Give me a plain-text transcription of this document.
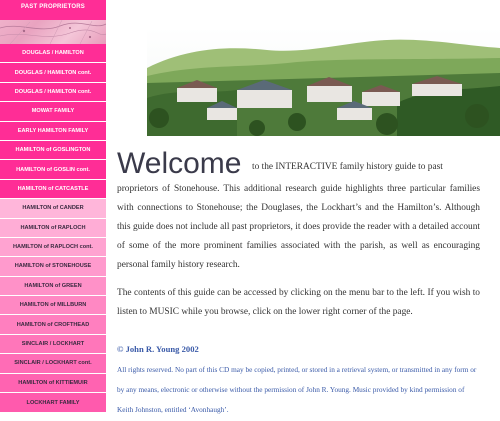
PAST PROPRIETORS
DOUGLAS / HAMILTON
DOUGLAS / HAMILTON cont.
DOUGLAS / HAMILTON cont.
MOWAT FAMILY
EARLY HAMILTON FAMILY
HAMILTON of GOSLINGTON
HAMILTON of GOSLIN cont.
HAMILTON of CATCASTLE
HAMILTON of CANDER
HAMILTON of RAPLOCH
HAMILTON of RAPLOCH cont.
HAMILTON of STONEHOUSE
HAMILTON of GREEN
HAMILTON of MILLBURN
HAMILTON of CROFTHEAD
SINCLAIR / LOCKHART
SINCLAIR / LOCKHART cont.
HAMILTON of KITTIEMUIR
LOCKHART FAMILY
Welcome to the INTERACTIVE family history guide to past

proprietors of Stonehouse. This additional research guide highlights three particular families with connections to Stonehouse; the Douglases, the Lockhart’s and the Hamilton’s. Although this guide does not include all past proprietors, it does provide the reader with a detailed account of some of the more prominent families associated with the parish, as well as encouraging personal family history research.

The contents of this guide can be accessed by clicking on the menu bar to the left. If you wish to listen to MUSIC while you browse, click on the lower right corner of the page.

© John R. Young 2002
All rights reserved. No part of this CD may be copied, printed, or stored in a retrieval system, or transmitted in any form or by any means, electronic or otherwise without the permission of John R. Young. Music provided by kind permission of Keith Johnston, entitled ‘Avonhaugh’.
